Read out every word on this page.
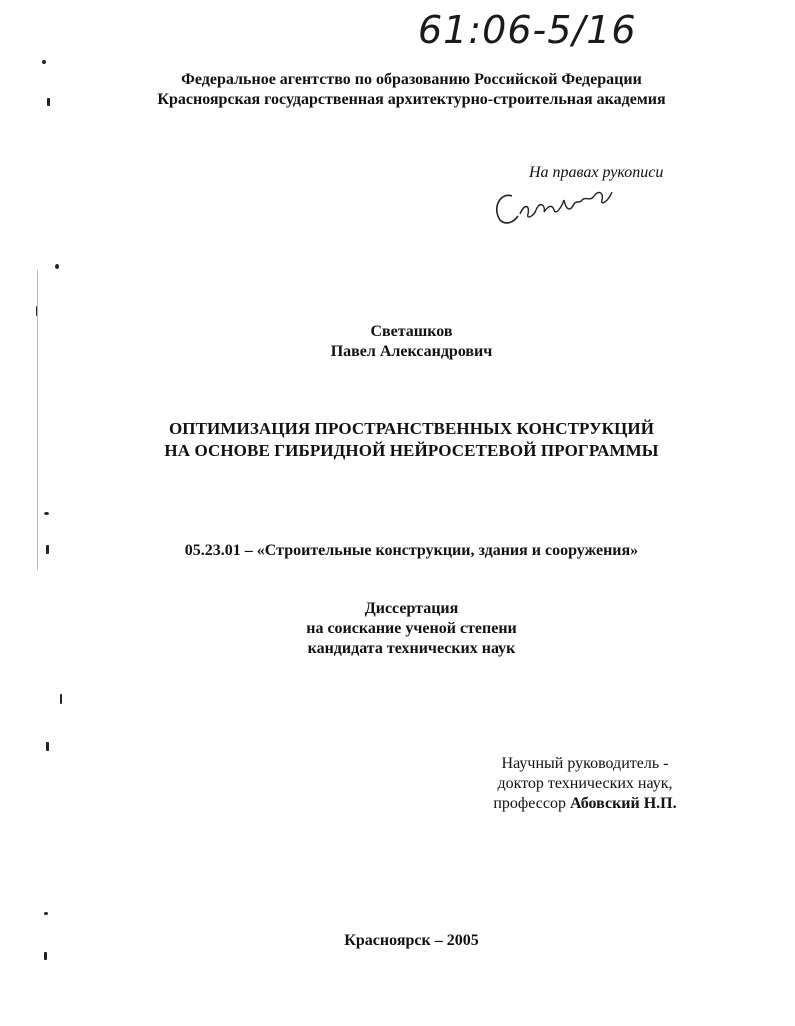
61:06-5/16
Федеральное агентство по образованию Российской Федерации
Красноярская государственная архитектурно-строительная академия
На правах рукописи
Светашков
Павел Александрович
ОПТИМИЗАЦИЯ ПРОСТРАНСТВЕННЫХ КОНСТРУКЦИЙ
НА ОСНОВЕ ГИБРИДНОЙ НЕЙРОСЕТЕВОЙ ПРОГРАММЫ
05.23.01 – «Строительные конструкции, здания и сооружения»
Диссертация
на соискание ученой степени
кандидата технических наук
Научный руководитель -
доктор технических наук,
профессор Абовский Н.П.
Красноярск – 2005
